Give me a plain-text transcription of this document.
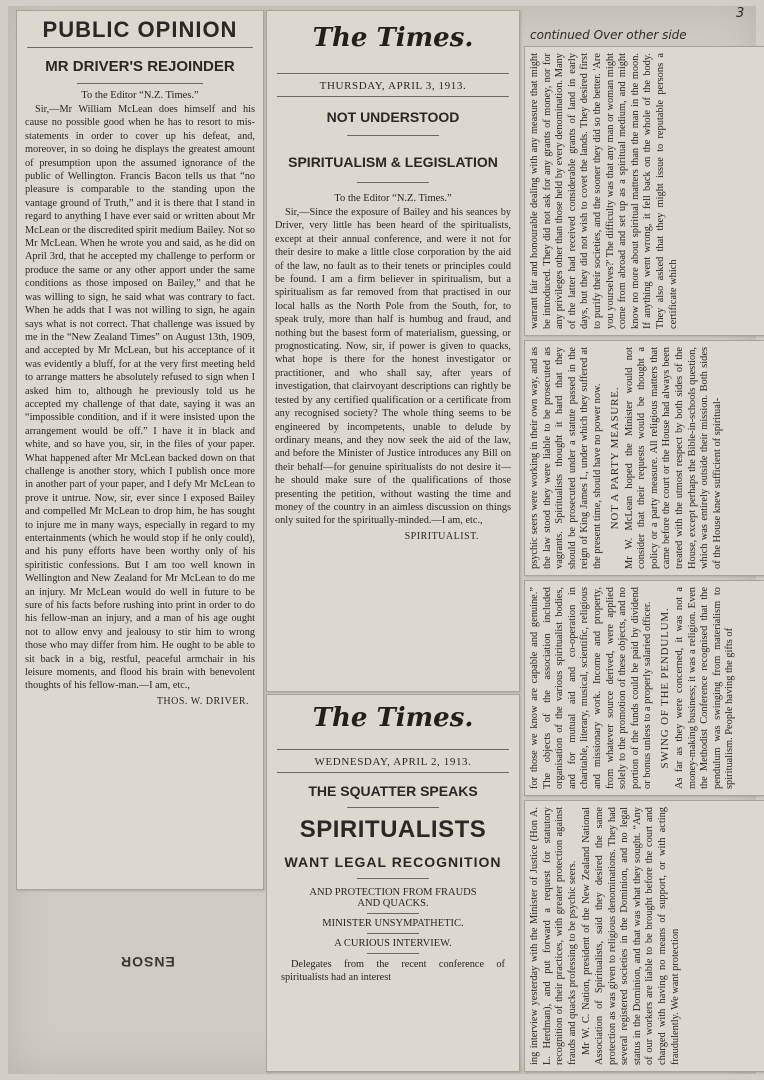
continued Over other side
3
PUBLIC OPINION
MR DRIVER'S REJOINDER
To the Editor “N.Z. Times.”

Sir,—Mr William McLean does himself and his cause no possible good when he has to resort to mis-statements in order to cover up his defeat, and, moreover, in so doing he displays the greatest amount of presumption upon the assumed ignorance of the public of Wellington. Francis Bacon tells us that “no pleasure is comparable to the standing upon the vantage ground of Truth,” and it is there that I stand in regard to anything I have ever said or written about Mr McLean or the discredited spirit medium Bailey. Not so Mr McLean. When he wrote you and said, as he did on April 3rd, that he accepted my challenge to perform or produce the same or any other apport under the same conditions as those imposed on Bailey,” and that he was willing to sign, he said what was contrary to fact. When he adds that I was not willing to sign, he again says what is not correct. That challenge was issued by me in the “New Zealand Times” on August 13th, 1909, and accepted by Mr McLean, but his acceptance of it was evidently a bluff, for at the very first meeting held to arrange matters he absolutely refused to sign when I asked him to, although he previously told us he accepted my challenge of that date, saying it was an “impossible condition, and if it were insisted upon the arrangement would be off.” I have it in black and white, and so have you, sir, in the files of your paper. What happened after Mr McLean backed down on that challenge is another story, which I publish once more in another part of your paper, and I defy Mr McLean to prove it untrue. Now, sir, ever since I exposed Bailey and compelled Mr McLean to drop him, he has sought to injure me in many ways, especially in regard to my entertainments (which he would stop if he only could), and his puny efforts have been worthy only of his spiritistic confessions. But I am too well known in Wellington and New Zealand for Mr McLean to do me an injury. Mr McLean would do well in future to be sure of his facts before rushing into print in order to do his fellow-man an injury, and a man of his age ought not to allow envy and jealousy to stir him to wrong those who may differ from him. He ought to be able to sit back in a big, restful, peaceful armchair in his leisure moments, and flood his brain with benevolent thoughts of his fellow-man.—I am, etc.,

THOS. W. DRIVER.
The Times.
THURSDAY, APRIL 3, 1913.
NOT UNDERSTOOD
SPIRITUALISM & LEGISLATION
To the Editor “N.Z. Times.”

Sir,—Since the exposure of Bailey and his seances by Driver, very little has been heard of the spiritualists, except at their annual conference, and were it not for their desire to make a little close corporation by the aid of the law, no fault as to their tenets or principles could be found. I am a firm believer in spiritualism, but a spiritualism as far removed from that practised in our local halls as the North Pole from the South, for, to speak truly, more than half is humbug and fraud, and nothing but the basest form of materialism, guessing, or prognosticating. Now, sir, if power is given to quacks, what hope is there for the honest investigator or practitioner, and who shall say, after years of investigation, that clairvoyant descriptions can rightly be tested by any certified qualification or a certificate from any recognised society? The whole thing seems to be engineered by incompetents, unable to delude by ordinary means, and they now seek the aid of the law, and before the Minister of Justice introduces any Bill on their behalf—for genuine spiritualists do not desire it—he should make sure of the qualifications of those presenting the petition, without wasting the time and money of the country in an aimless discussion on things only suited for the spiritually-minded.—I am, etc.,

SPIRITUALIST.
The Times.
WEDNESDAY, APRIL 2, 1913.
THE SQUATTER SPEAKS
SPIRITUALISTS
WANT LEGAL RECOGNITION
AND PROTECTION FROM FRAUDS AND QUACKS.
MINISTER UNSYMPATHETIC.
A CURIOUS INTERVIEW.

Delegates from the recent conference of spiritualists had an interest

warrant fair and honourable dealing with any measure that might be introduced. They did not ask for any grants of money, nor for any privileges other than those held by every denomination. Many of the latter had received considerable grants of land in early days, but they did not wish to covet the lands. They desired first to purify their societies, and the sooner they did so the better. 'Are you yourselves?' The difficulty was that any man or woman might come from abroad and set up as a spiritual medium, and might know no more about spiritual matters than the man in the moon. If anything went wrong, it fell back on the whole of the body. They also asked that they might issue to reputable persons a certificate which

psychic seers were working in their own way, and as the law stood they were liable to be prosecuted as vagrants. Spiritualists thought it hard that they should be prosecuted under a statute passed in the reign of King James I., under which they suffered at the present time, should have no power now. NOT A PARTY MEASURE. Mr W. McLean hoped the Minister would not consider that their requests would be thought a policy or a party measure. All religious matters that came before the court or the House had always been treated with the utmost respect by both sides of the House, except perhaps the Bible-in-schools question, which was entirely outside their mission. Both sides of the House knew sufficient of spiritual-

for those we know are capable and genuine.” The objects of the association included organisation of the various spiritualist bodies, and for mutual aid and co-operation in charitable, literary, musical, scientific, religious and missionary work. Income and property, from whatever source derived, were applied solely to the promotion of these objects, and no portion of the funds could be paid by dividend or bonus unless to a properly salaried officer. SWING OF THE PENDULUM. As far as they were concerned, it was not a money-making business; it was a religion. Even the Methodist Conference recognised that the pendulum was swinging from materialism to spiritualism. People having the gifts of

ing interview yesterday with the Minister of Justice (Hon A. L. Herdman), and put forward a request for statutory recognition of their practices, with greater protection against frauds and quacks professing to be psychic seers. Mr W. C. Nation, president of the New Zealand National Association of Spiritualists, said they desired the same protection as was given to religious denominations. They had several registered societies in the Dominion, and no legal status in the Dominion, and that was what they sought. “Any of our workers are liable to be brought before the court and charged with having no means of support, or with acting fraudulently. We want protection

ENSOR
